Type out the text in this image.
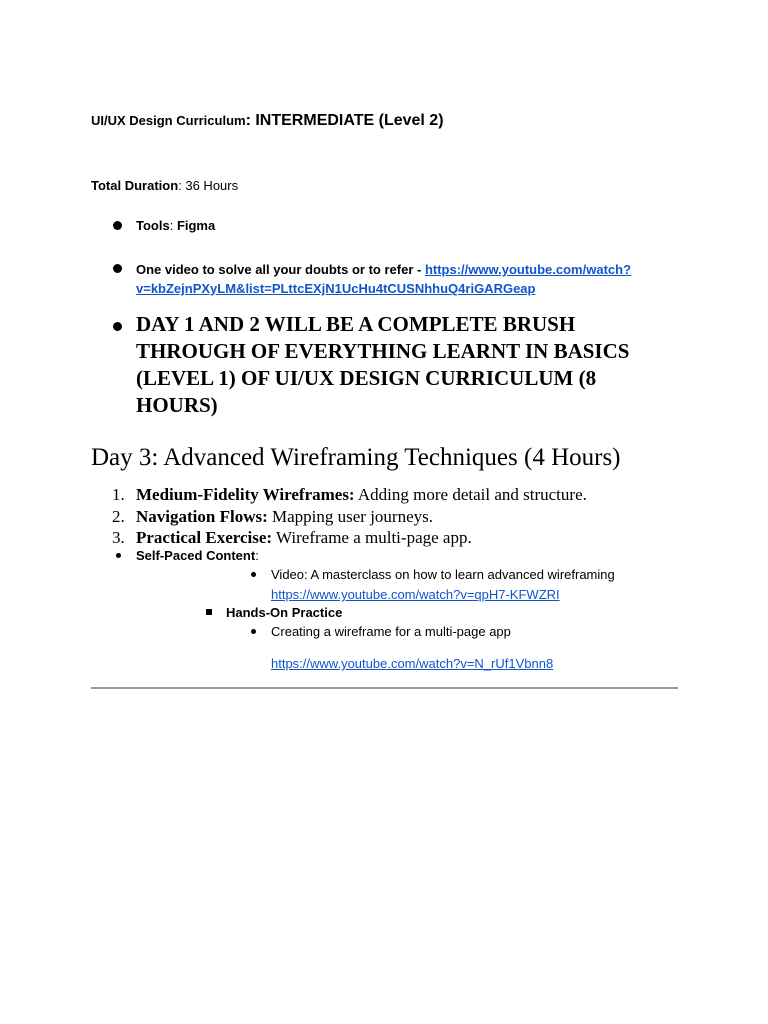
UI/UX Design Curriculum: INTERMEDIATE (Level 2)
Total Duration: 36 Hours
Tools: Figma
One video to solve all your doubts or to refer - https://www.youtube.com/watch?
v=kbZejnPXyLM&list=PLttcEXjN1UcHu4tCUSNhhuQ4riGARGeap
DAY 1 AND 2 WILL BE A COMPLETE BRUSH
THROUGH OF EVERYTHING LEARNT IN BASICS
(LEVEL 1) OF UI/UX DESIGN CURRICULUM (8
HOURS)
Day 3: Advanced Wireframing Techniques (4 Hours)
1. Medium-Fidelity Wireframes: Adding more detail and structure.
2. Navigation Flows: Mapping user journeys.
3. Practical Exercise: Wireframe a multi-page app.
Self-Paced Content:
Video: A masterclass on how to learn advanced wireframing
https://www.youtube.com/watch?v=qpH7-KFWZRI
Hands-On Practice
Creating a wireframe for a multi-page app
https://www.youtube.com/watch?v=N_rUf1Vbnn8
